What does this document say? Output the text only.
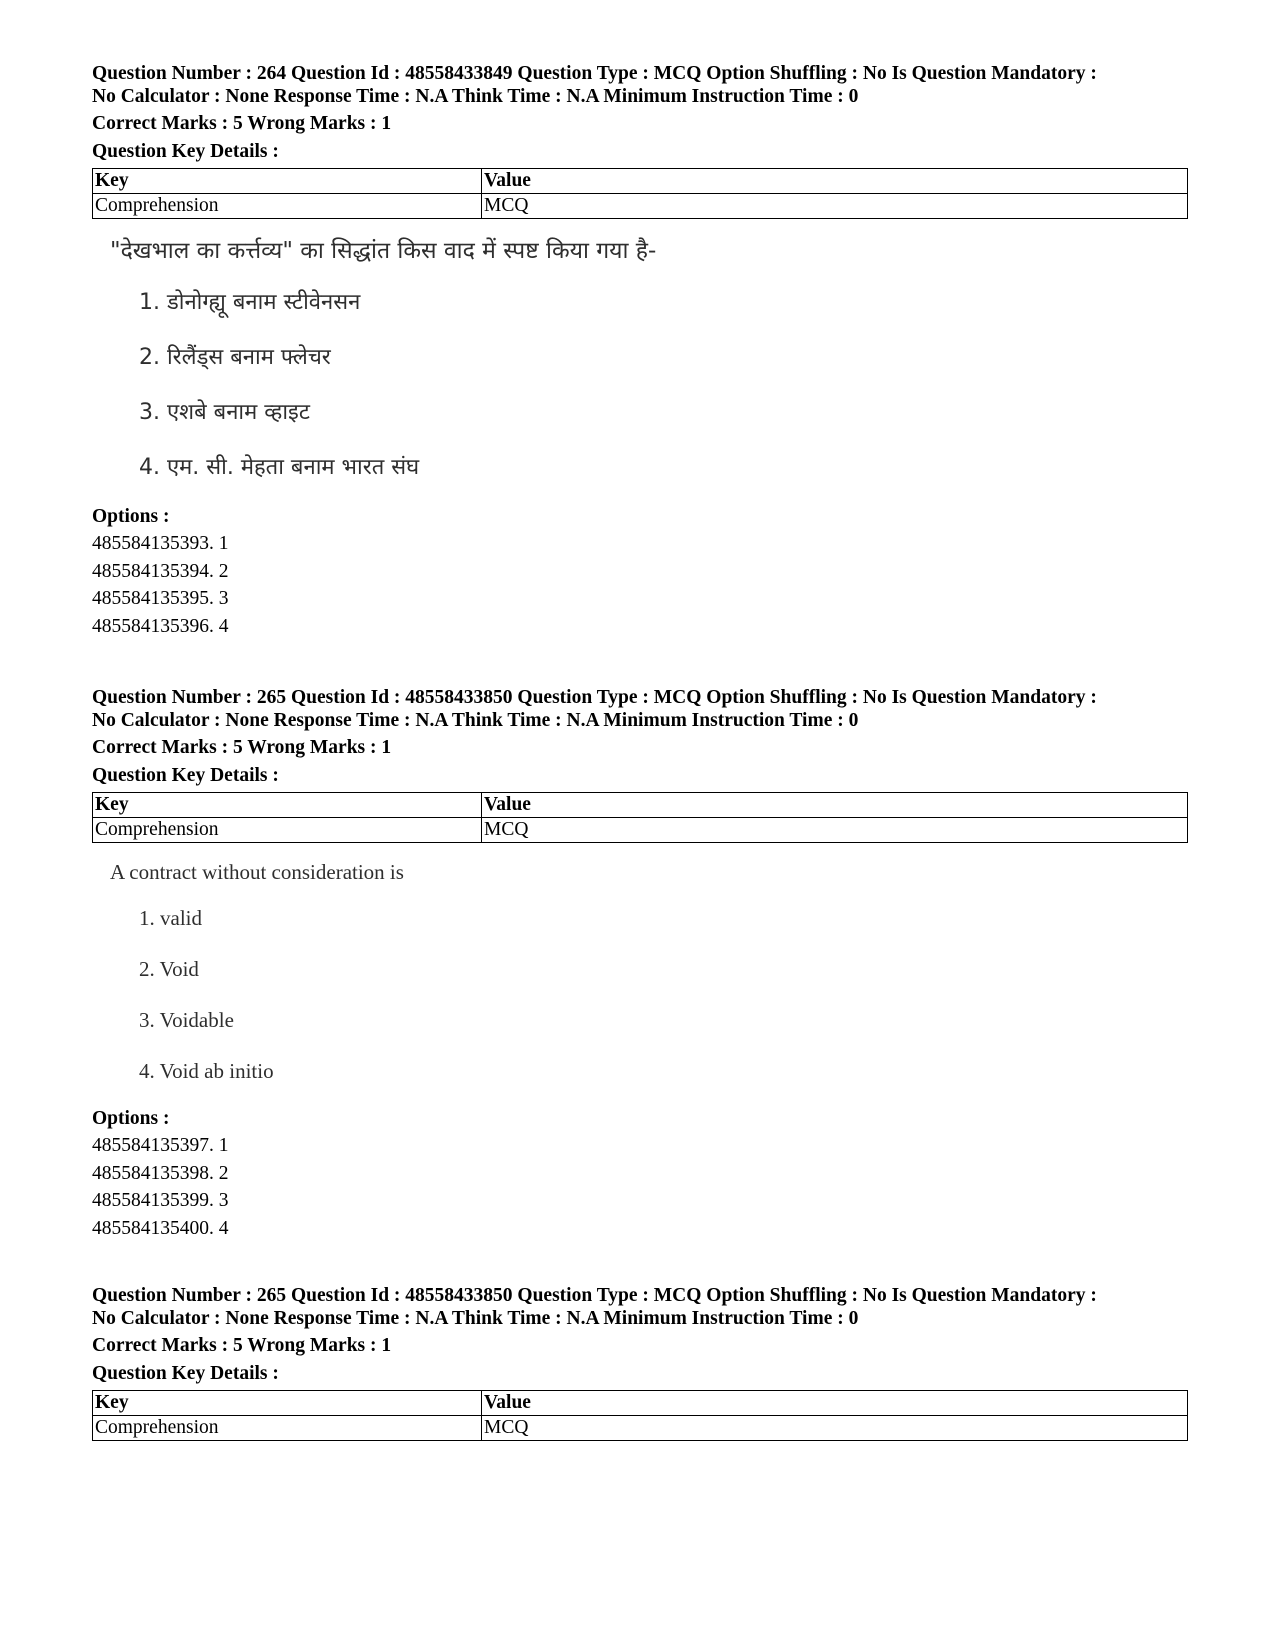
Question Number : 264 Question Id : 48558433849 Question Type : MCQ Option Shuffling : No Is Question Mandatory :
No Calculator : None Response Time : N.A Think Time : N.A Minimum Instruction Time : 0
Correct Marks : 5 Wrong Marks : 1
Question Key Details :
Key	Value
Comprehension	MCQ
"देखभाल का कर्त्तव्य" का सिद्धांत किस वाद में स्पष्ट किया गया है-
1. डोनोग्ह्यू बनाम स्टीवेनसन
2. रिलैंड्स बनाम फ्लेचर
3. एशबे बनाम व्हाइट
4. एम. सी. मेहता बनाम भारत संघ
Options :
485584135393. 1
485584135394. 2
485584135395. 3
485584135396. 4
Question Number : 265 Question Id : 48558433850 Question Type : MCQ Option Shuffling : No Is Question Mandatory :
No Calculator : None Response Time : N.A Think Time : N.A Minimum Instruction Time : 0
Correct Marks : 5 Wrong Marks : 1
Question Key Details :
Key	Value
Comprehension	MCQ
A contract without consideration is
1. valid
2. Void
3. Voidable
4. Void ab initio
Options :
485584135397. 1
485584135398. 2
485584135399. 3
485584135400. 4
Question Number : 265 Question Id : 48558433850 Question Type : MCQ Option Shuffling : No Is Question Mandatory :
No Calculator : None Response Time : N.A Think Time : N.A Minimum Instruction Time : 0
Correct Marks : 5 Wrong Marks : 1
Question Key Details :
Key	Value
Comprehension	MCQ
